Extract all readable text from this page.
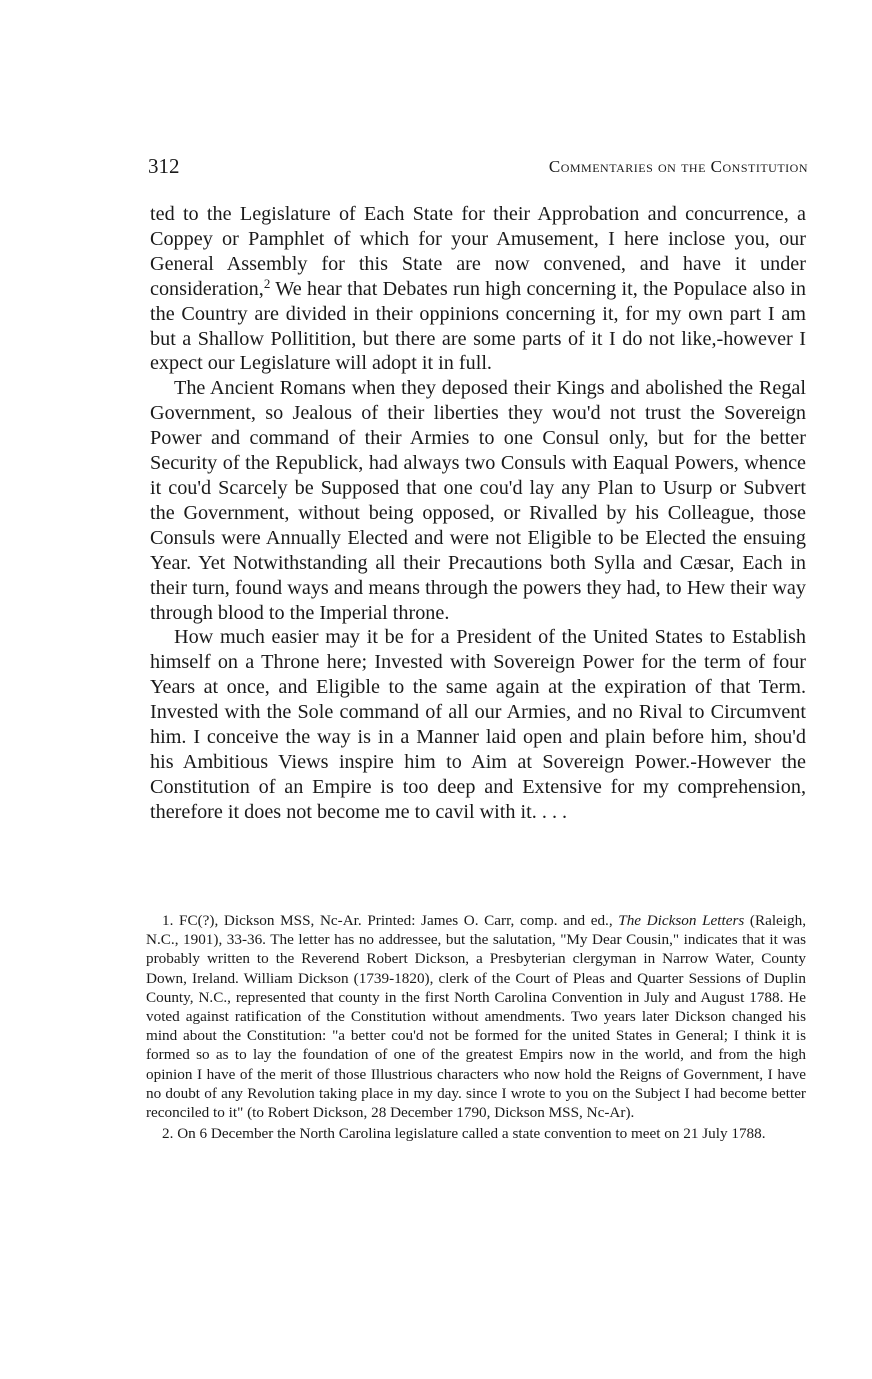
312	Commentaries on the Constitution

ted to the Legislature of Each State for their Approbation and concurrence, a Coppey or Pamphlet of which for your Amusement, I here inclose you, our General Assembly for this State are now convened, and have it under consideration,$^2$ We hear that Debates run high concerning it, the Populace also in the Country are divided in their oppinions concerning it, for my own part I am but a Shallow Pollitition, but there are some parts of it I do not like,-however I expect our Legislature will adopt it in full.

The Ancient Romans when they deposed their Kings and abolished the Regal Government, so Jealous of their liberties they wou'd not trust the Sovereign Power and command of their Armies to one Consul only, but for the better Security of the Republick, had always two Consuls with Eaqual Powers, whence it cou'd Scarcely be Supposed that one cou'd lay any Plan to Usurp or Subvert the Government, without being opposed, or Rivalled by his Colleague, those Consuls were Annually Elected and were not Eligible to be Elected the ensuing Year. Yet Notwithstanding all their Precautions both Sylla and Cæsar, Each in their turn, found ways and means through the powers they had, to Hew their way through blood to the Imperial throne.

How much easier may it be for a President of the United States to Establish himself on a Throne here; Invested with Sovereign Power for the term of four Years at once, and Eligible to the same again at the expiration of that Term. Invested with the Sole command of all our Armies, and no Rival to Circumvent him. I conceive the way is in a Manner laid open and plain before him, shou'd his Ambitious Views inspire him to Aim at Sovereign Power.-However the Constitution of an Empire is too deep and Extensive for my comprehension, therefore it does not become me to cavil with it. . . .

1. FC(?), Dickson MSS, Nc-Ar. Printed: James O. Carr, comp. and ed., The Dickson Letters (Raleigh, N.C., 1901), 33-36. The letter has no addressee, but the salutation, "My Dear Cousin," indicates that it was probably written to the Reverend Robert Dickson, a Presbyterian clergyman in Narrow Water, County Down, Ireland. William Dickson (1739-1820), clerk of the Court of Pleas and Quarter Sessions of Duplin County, N.C., represented that county in the first North Carolina Convention in July and August 1788. He voted against ratification of the Constitution without amendments. Two years later Dickson changed his mind about the Constitution: "a better cou'd not be formed for the united States in General; I think it is formed so as to lay the foundation of one of the greatest Empirs now in the world, and from the high opinion I have of the merit of those Illustrious characters who now hold the Reigns of Government, I have no doubt of any Revolution taking place in my day. since I wrote to you on the Subject I had become better reconciled to it" (to Robert Dickson, 28 December 1790, Dickson MSS, Nc-Ar).

2. On 6 December the North Carolina legislature called a state convention to meet on 21 July 1788.
